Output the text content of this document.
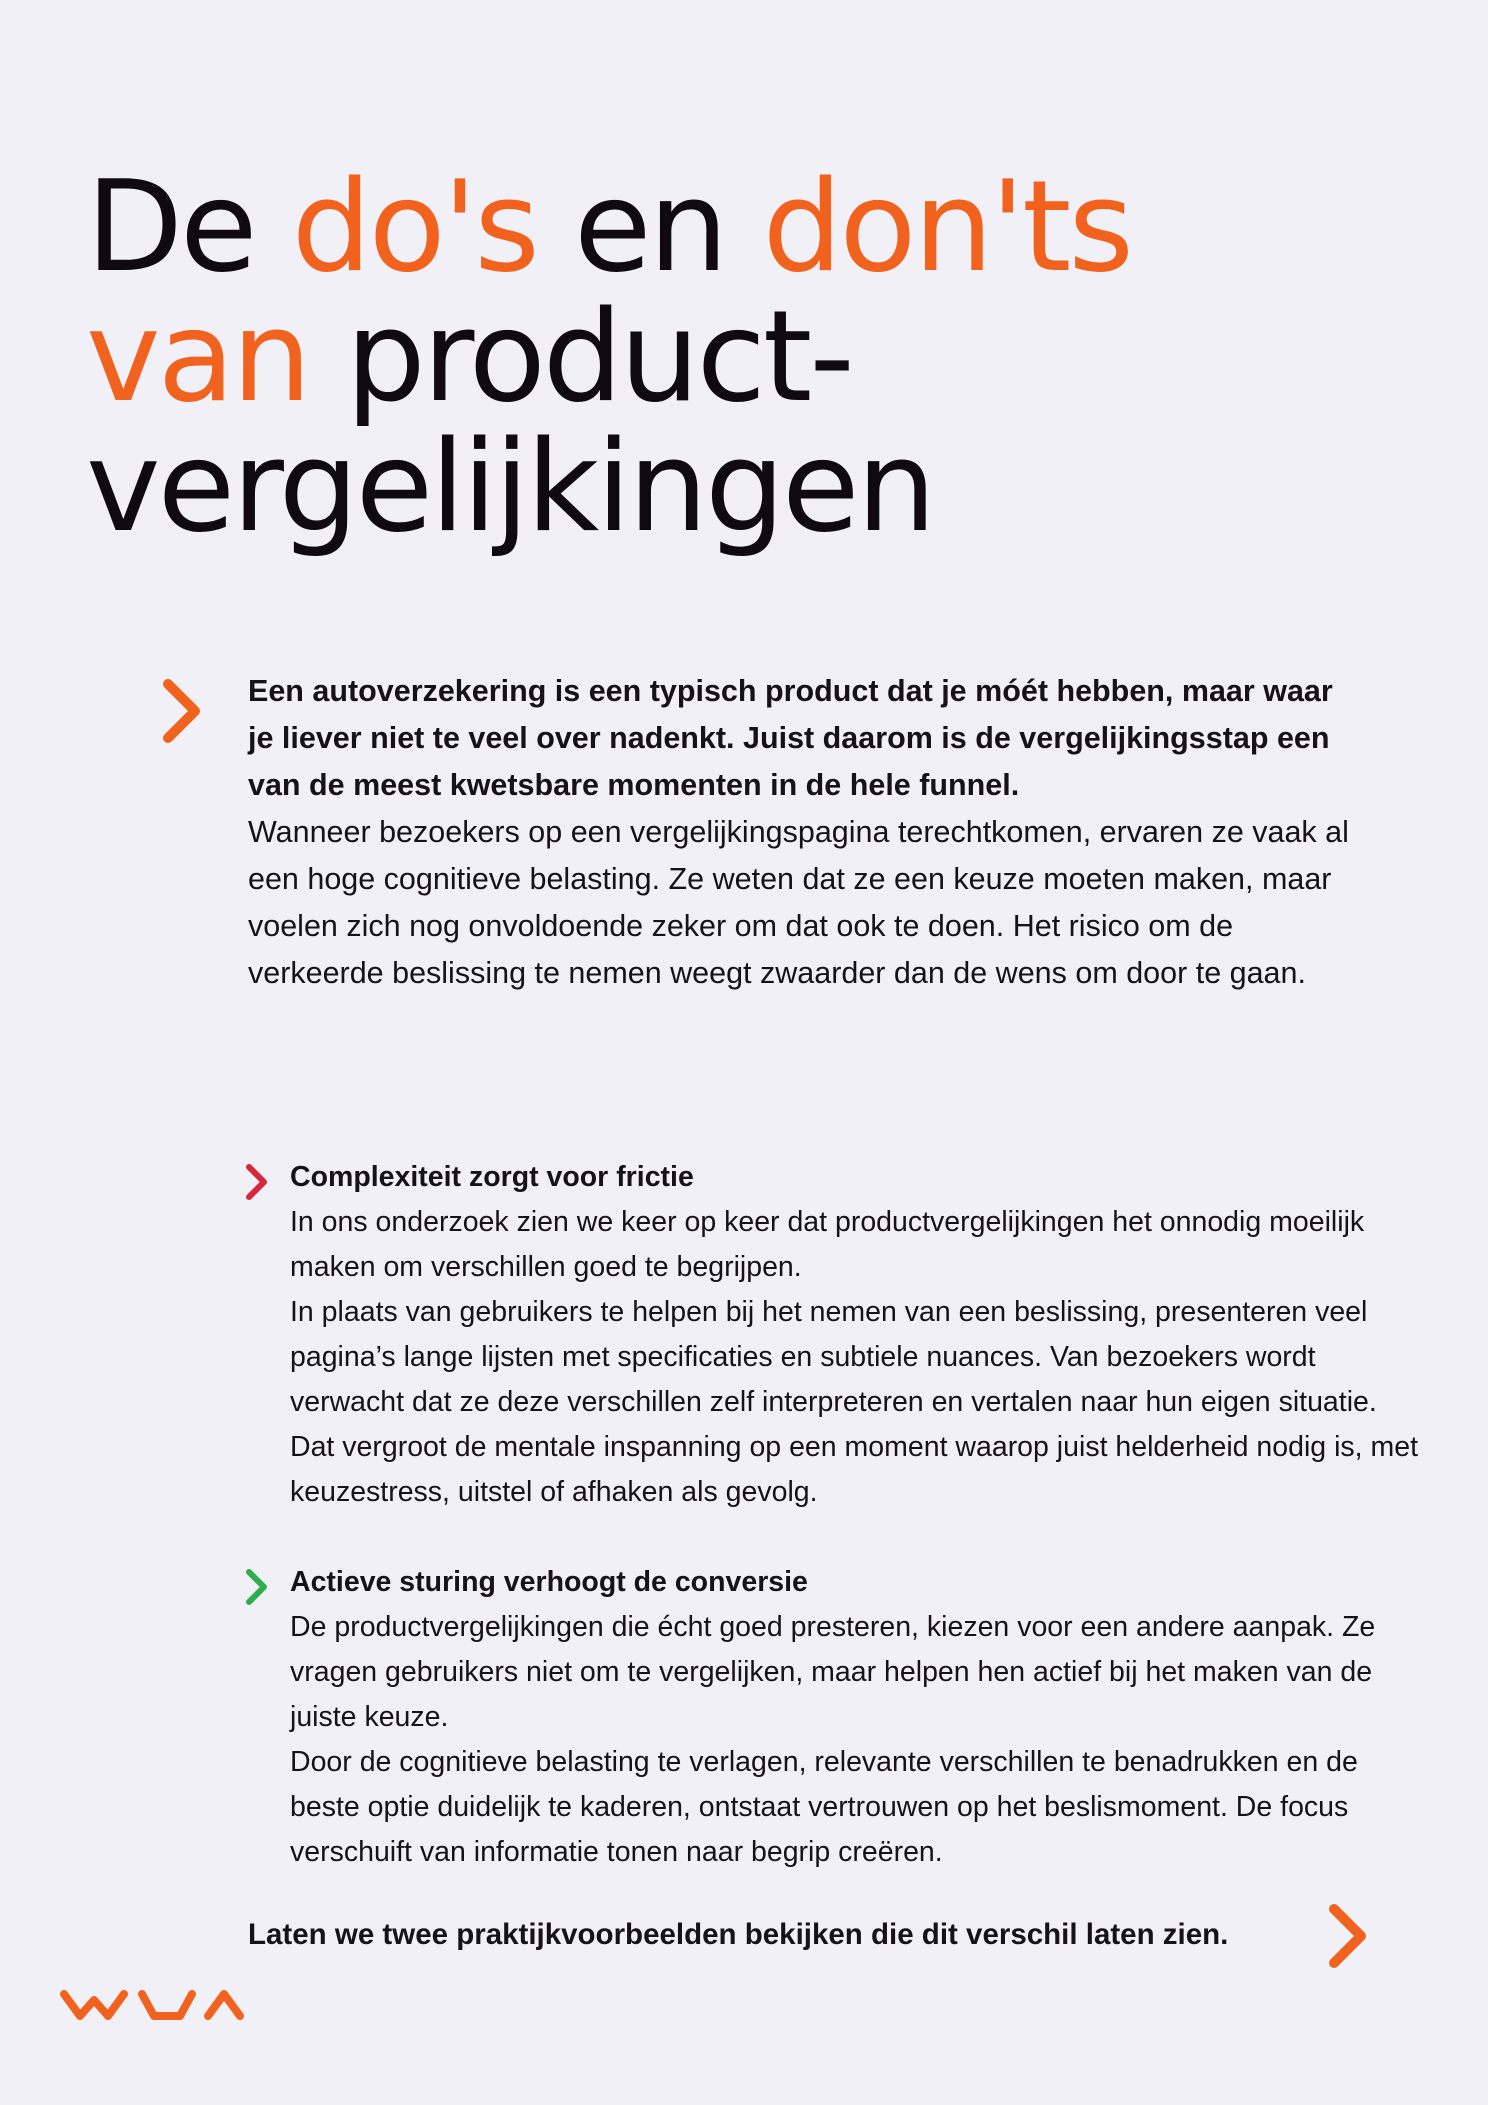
De do's en don'ts
van product-
vergelijkingen

Een autoverzekering is een typisch product dat je móét hebben, maar waar je liever niet te veel over nadenkt. Juist daarom is de vergelijkingsstap een van de meest kwetsbare momenten in de hele funnel.

Wanneer bezoekers op een vergelijkingspagina terechtkomen, ervaren ze vaak al een hoge cognitieve belasting. Ze weten dat ze een keuze moeten maken, maar voelen zich nog onvoldoende zeker om dat ook te doen. Het risico om de verkeerde beslissing te nemen weegt zwaarder dan de wens om door te gaan.

Complexiteit zorgt voor frictie

In ons onderzoek zien we keer op keer dat productvergelijkingen het onnodig moeilijk maken om verschillen goed te begrijpen.

In plaats van gebruikers te helpen bij het nemen van een beslissing, presenteren veel pagina’s lange lijsten met specificaties en subtiele nuances. Van bezoekers wordt verwacht dat ze deze verschillen zelf interpreteren en vertalen naar hun eigen situatie. Dat vergroot de mentale inspanning op een moment waarop juist helderheid nodig is, met keuzestress, uitstel of afhaken als gevolg.

Actieve sturing verhoogt de conversie

De productvergelijkingen die écht goed presteren, kiezen voor een andere aanpak. Ze vragen gebruikers niet om te vergelijken, maar helpen hen actief bij het maken van de juiste keuze.

Door de cognitieve belasting te verlagen, relevante verschillen te benadrukken en de beste optie duidelijk te kaderen, ontstaat vertrouwen op het beslismoment. De focus verschuift van informatie tonen naar begrip creëren.

Laten we twee praktijkvoorbeelden bekijken die dit verschil laten zien.
